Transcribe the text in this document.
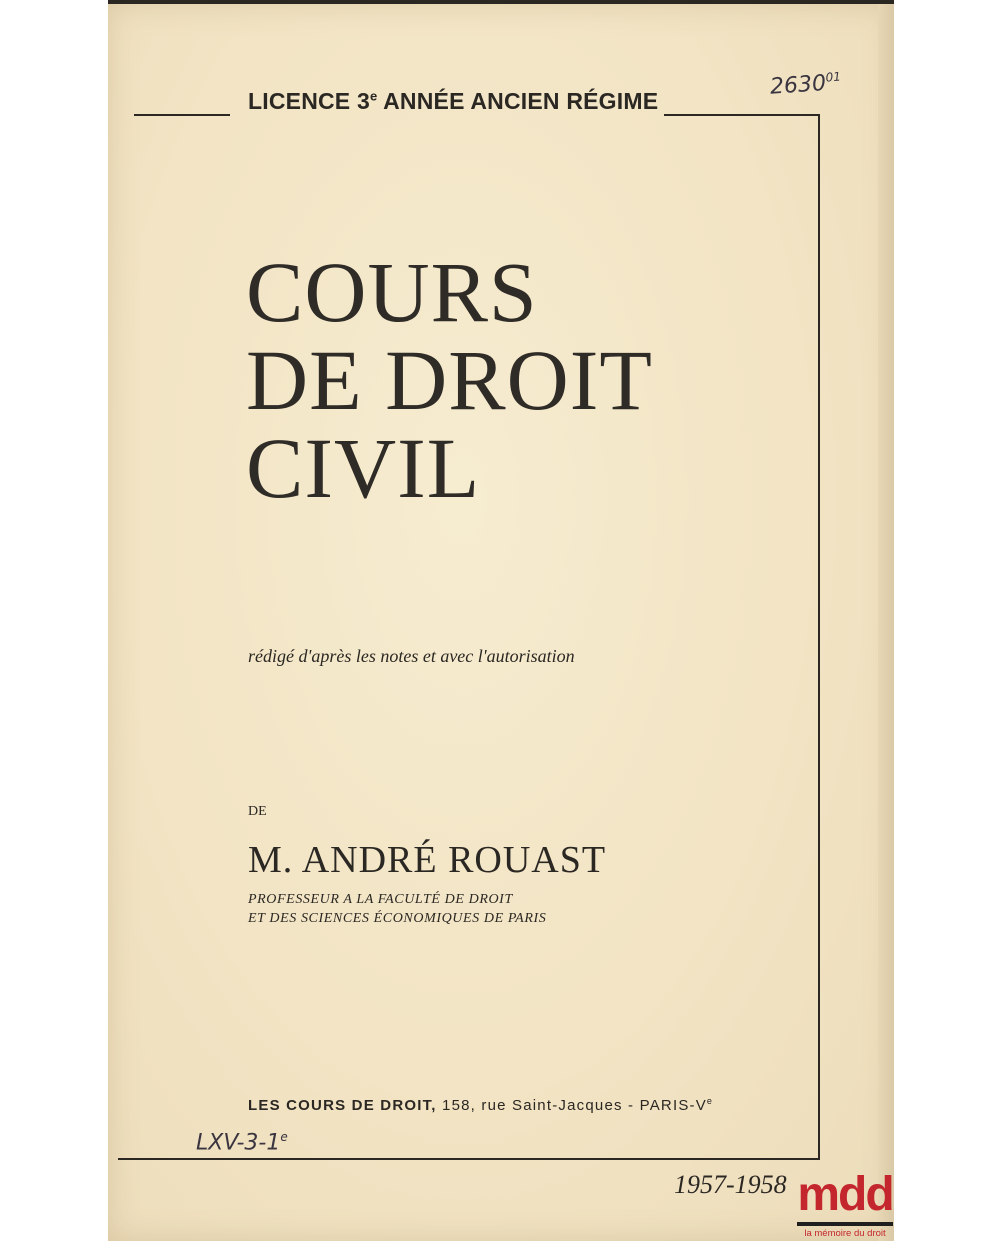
LICENCE 3e ANNÉE ANCIEN RÉGIME
COURS
DE DROIT
CIVIL
rédigé d'après les notes et avec l'autorisation
DE
M. ANDRÉ ROUAST
PROFESSEUR A LA FACULTÉ DE DROIT
ET DES SCIENCES ÉCONOMIQUES DE PARIS
LES COURS DE DROIT, 158, rue Saint-Jacques - PARIS-Ve
1957-1958
2630$^{01}$
LXV-3-1e
mdd
la mémoire du droit
